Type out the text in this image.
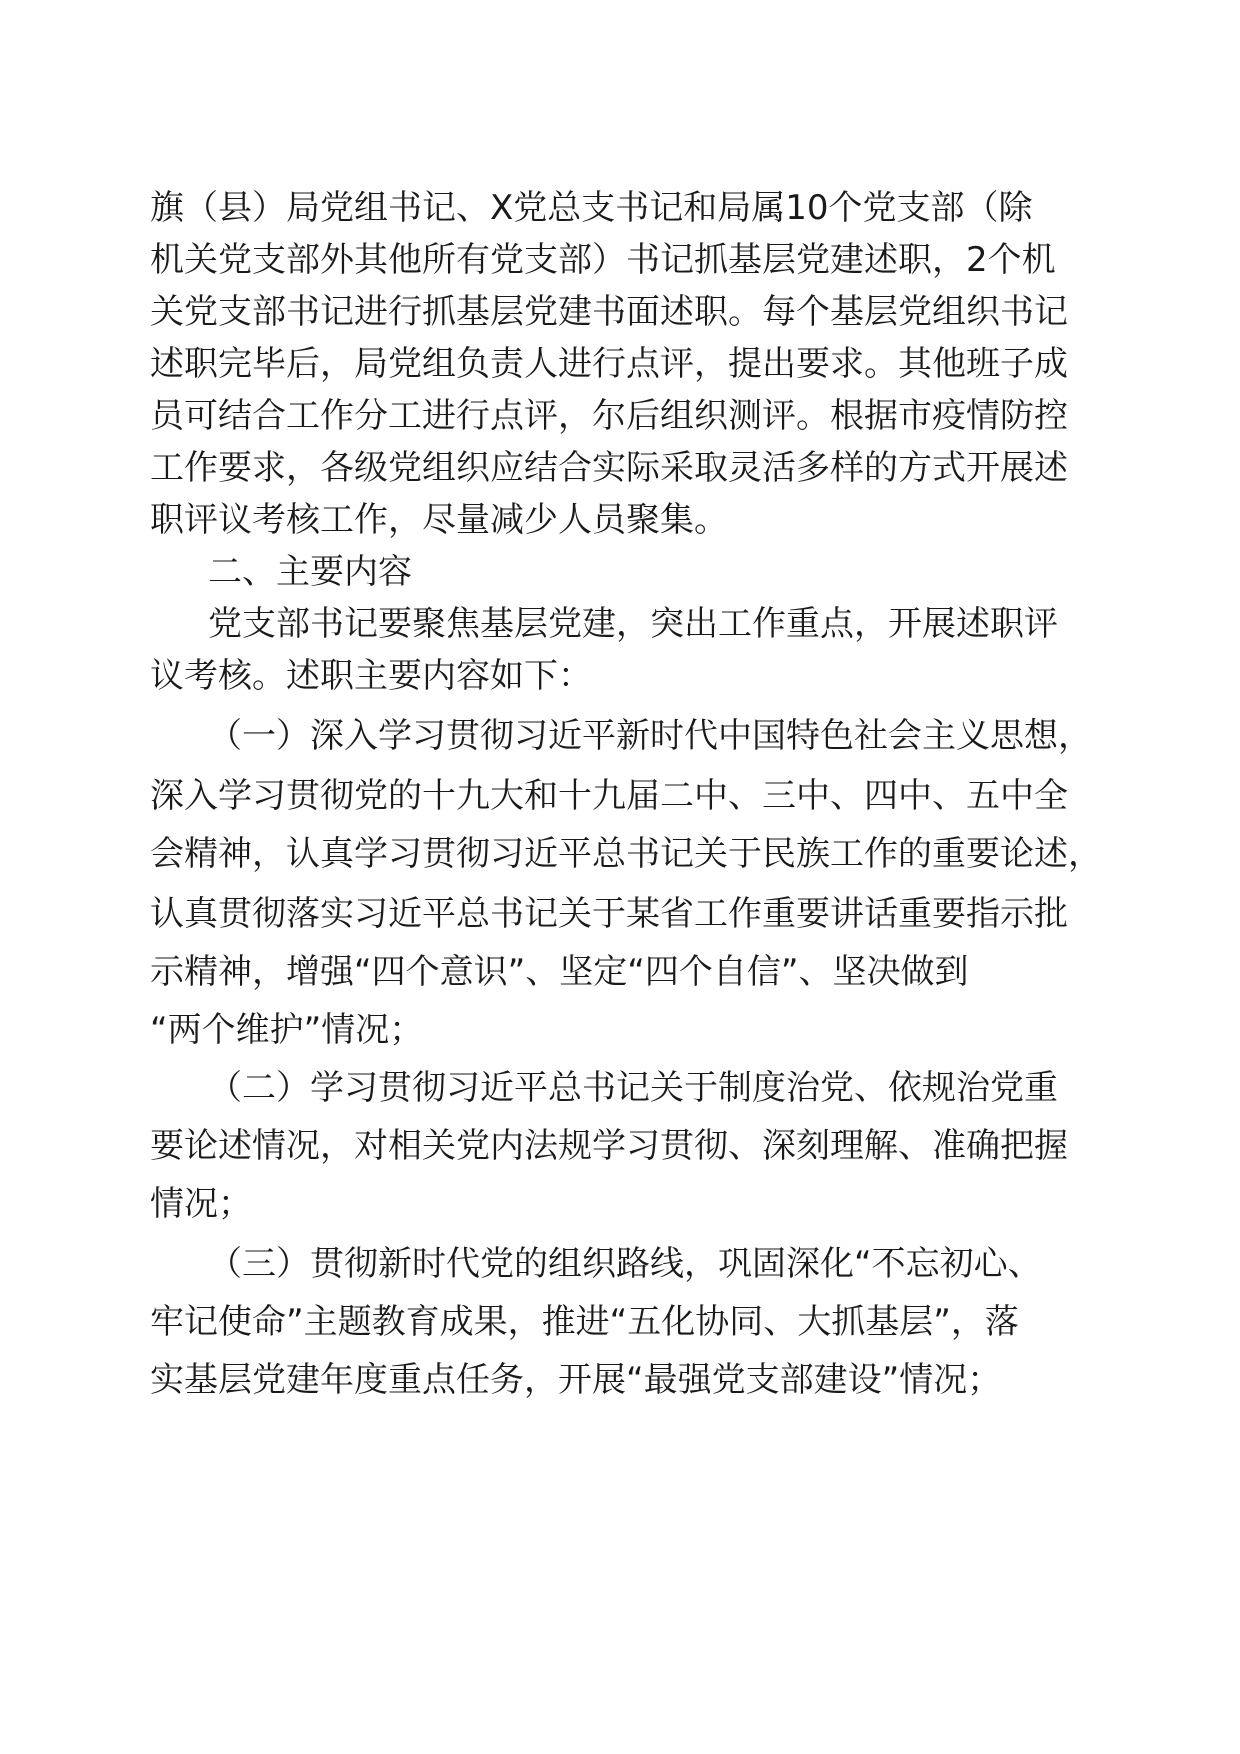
旗（县）局党组书记、X党总支书记和局属10个党支部（除

机关党支部外其他所有党支部）书记抓基层党建述职，2个机

关党支部书记进行抓基层党建书面述职。每个基层党组织书记

述职完毕后，局党组负责人进行点评，提出要求。其他班子成

员可结合工作分工进行点评，尔后组织测评。根据市疫情防控

工作要求，各级党组织应结合实际采取灵活多样的方式开展述

职评议考核工作，尽量减少人员聚集。

二、主要内容

党支部书记要聚焦基层党建，突出工作重点，开展述职评

议考核。述职主要内容如下：

（一）深入学习贯彻习近平新时代中国特色社会主义思想，

深入学习贯彻党的十九大和十九届二中、三中、四中、五中全

会精神，认真学习贯彻习近平总书记关于民族工作的重要论述，

认真贯彻落实习近平总书记关于某省工作重要讲话重要指示批

示精神，增强“四个意识”、坚定“四个自信”、坚决做到

“两个维护”情况；

（二）学习贯彻习近平总书记关于制度治党、依规治党重

要论述情况，对相关党内法规学习贯彻、深刻理解、准确把握

情况；

（三）贯彻新时代党的组织路线，巩固深化“不忘初心、

牢记使命”主题教育成果，推进“五化协同、大抓基层”，落

实基层党建年度重点任务，开展“最强党支部建设”情况；
